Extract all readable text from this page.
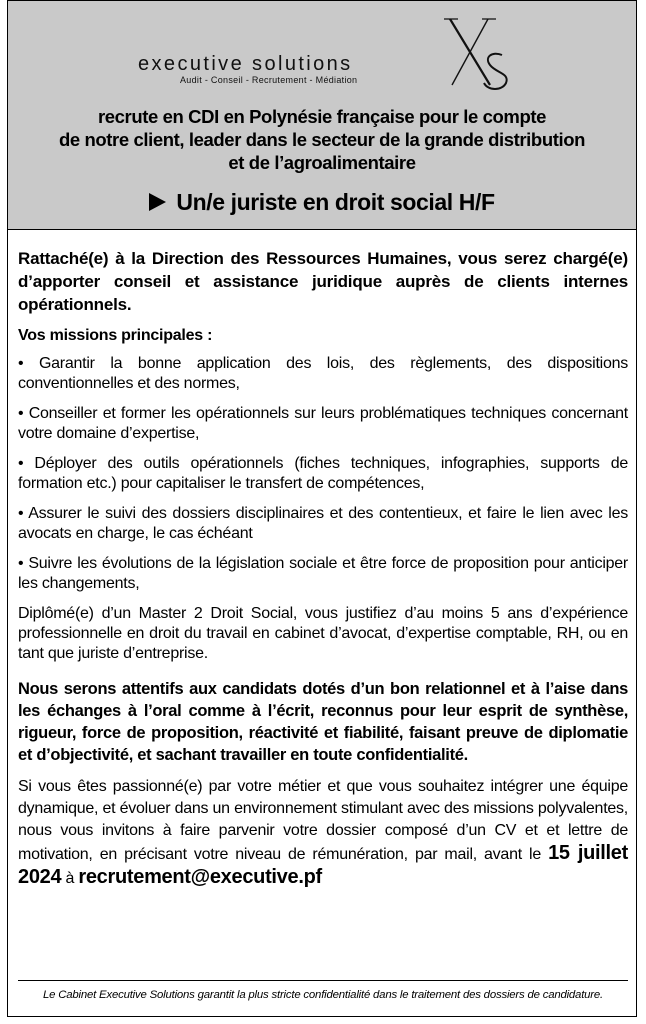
executive solutions
Audit - Conseil - Recrutement - Médiation
recrute en CDI en Polynésie française pour le compte
de notre client, leader dans le secteur de la grande distribution
et de l’agroalimentaire
Un/e juriste en droit social H/F

Rattaché(e) à la Direction des Ressources Humaines, vous serez chargé(e) d’apporter conseil et assistance juridique auprès de clients internes opérationnels.

Vos missions principales :

• Garantir la bonne application des lois, des règlements, des dispositions conventionnelles et des normes,

• Conseiller et former les opérationnels sur leurs problématiques techniques concernant votre domaine d’expertise,

• Déployer des outils opérationnels (fiches techniques, infographies, supports de formation etc.) pour capitaliser le transfert de compétences,

• Assurer le suivi des dossiers disciplinaires et des contentieux, et faire le lien avec les avocats en charge, le cas échéant

• Suivre les évolutions de la législation sociale et être force de proposition pour anticiper les changements,

Diplômé(e) d’un Master 2 Droit Social, vous justifiez d’au moins 5 ans d’expérience professionnelle en droit du travail en cabinet d’avocat, d’expertise comptable, RH, ou en tant que juriste d’entreprise.

Nous serons attentifs aux candidats dotés d’un bon relationnel et à l’aise dans les échanges à l’oral comme à l’écrit, reconnus pour leur esprit de synthèse, rigueur, force de proposition, réactivité et fiabilité, faisant preuve de diplomatie et d’objectivité, et sachant travailler en toute confidentialité.

Si vous êtes passionné(e) par votre métier et que vous souhaitez intégrer une équipe dynamique, et évoluer dans un environnement stimulant avec des missions polyvalentes, nous vous invitons à faire parvenir votre dossier composé d’un CV et et lettre de motivation, en précisant votre niveau de rémunération, par mail, avant le 15 juillet 2024 à recrutement@executive.pf

Le Cabinet Executive Solutions garantit la plus stricte confidentialité dans le traitement des dossiers de candidature.
